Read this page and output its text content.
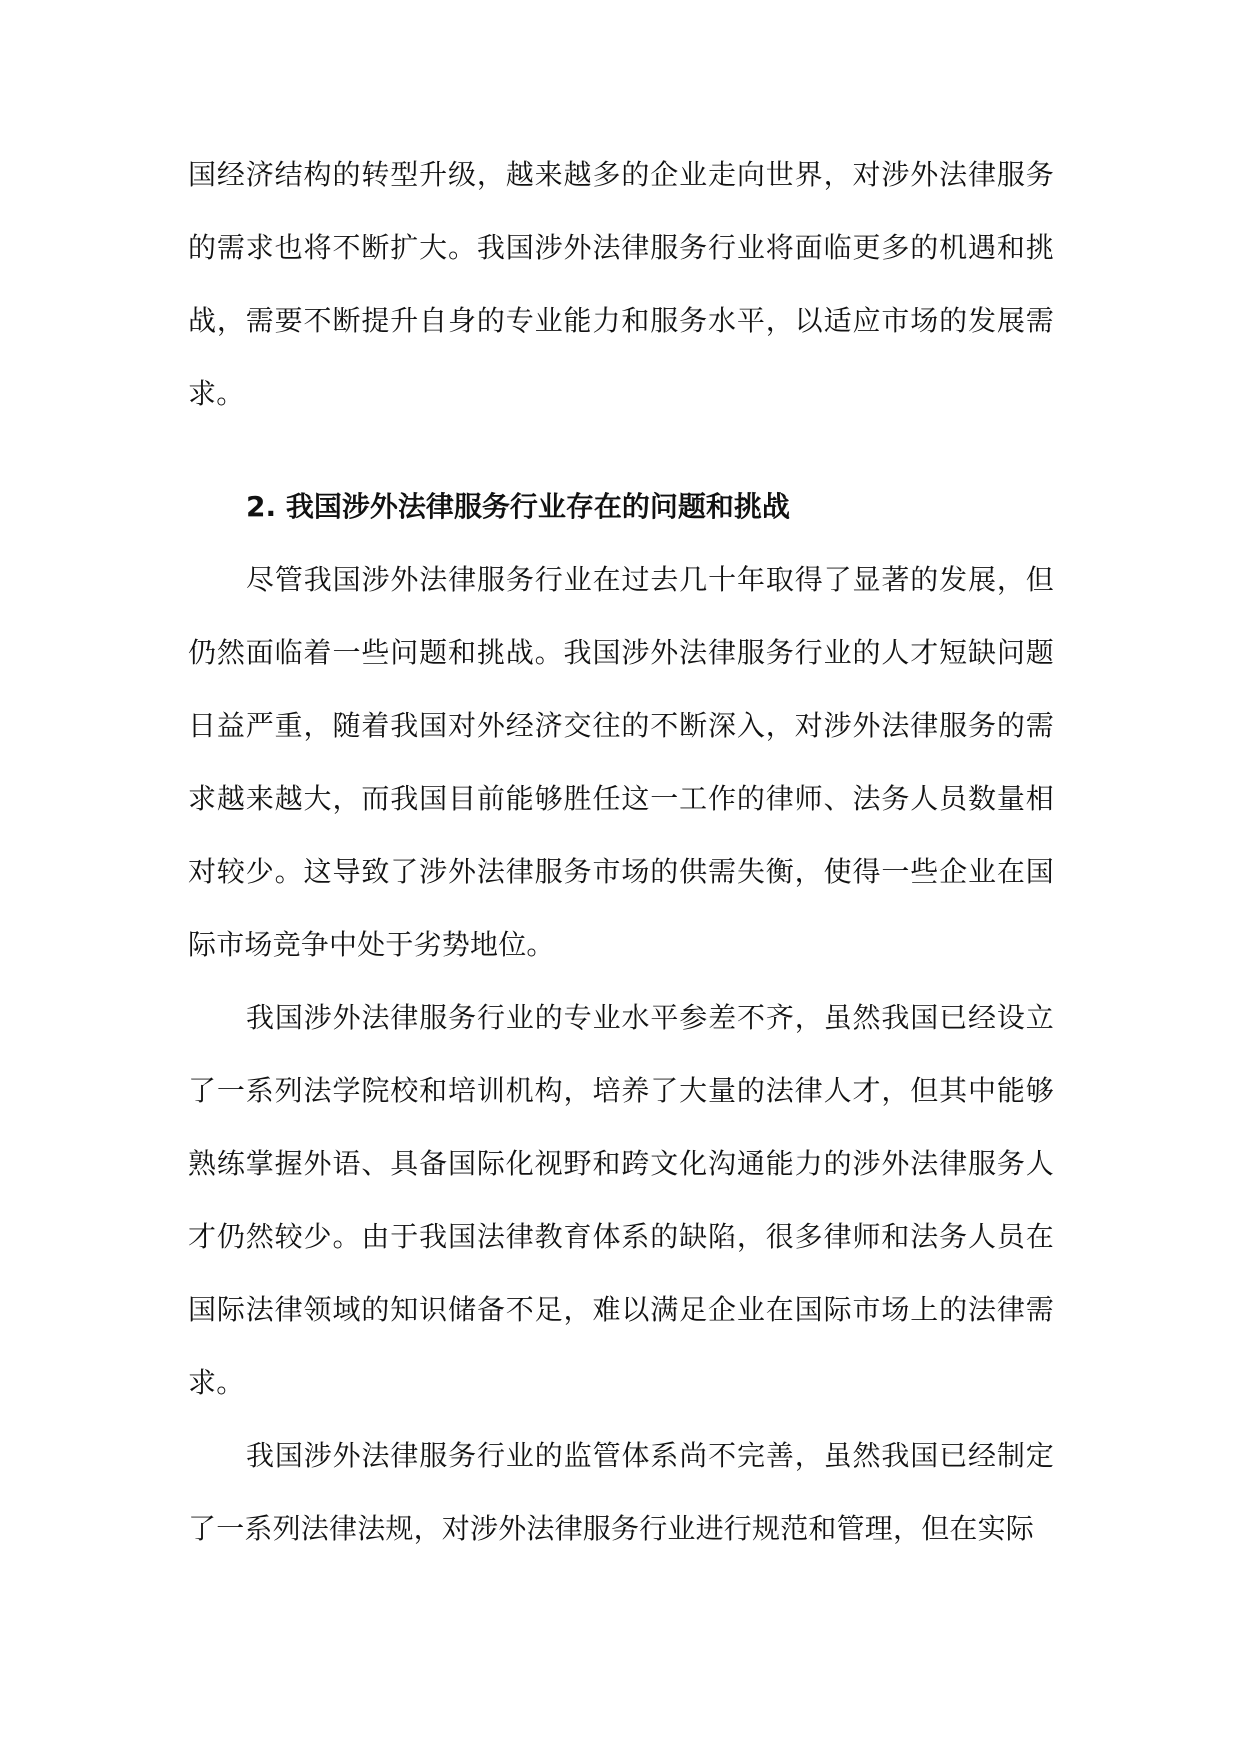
国经济结构的转型升级，越来越多的企业走向世界，对涉外法律服务的需求也将不断扩大。我国涉外法律服务行业将面临更多的机遇和挑战，需要不断提升自身的专业能力和服务水平，以适应市场的发展需求。

2. 我国涉外法律服务行业存在的问题和挑战

尽管我国涉外法律服务行业在过去几十年取得了显著的发展，但仍然面临着一些问题和挑战。我国涉外法律服务行业的人才短缺问题日益严重，随着我国对外经济交往的不断深入，对涉外法律服务的需求越来越大，而我国目前能够胜任这一工作的律师、法务人员数量相对较少。这导致了涉外法律服务市场的供需失衡，使得一些企业在国际市场竞争中处于劣势地位。

我国涉外法律服务行业的专业水平参差不齐，虽然我国已经设立了一系列法学院校和培训机构，培养了大量的法律人才，但其中能够熟练掌握外语、具备国际化视野和跨文化沟通能力的涉外法律服务人才仍然较少。由于我国法律教育体系的缺陷，很多律师和法务人员在国际法律领域的知识储备不足，难以满足企业在国际市场上的法律需求。

我国涉外法律服务行业的监管体系尚不完善，虽然我国已经制定了一系列法律法规，对涉外法律服务行业进行规范和管理，但在实际
